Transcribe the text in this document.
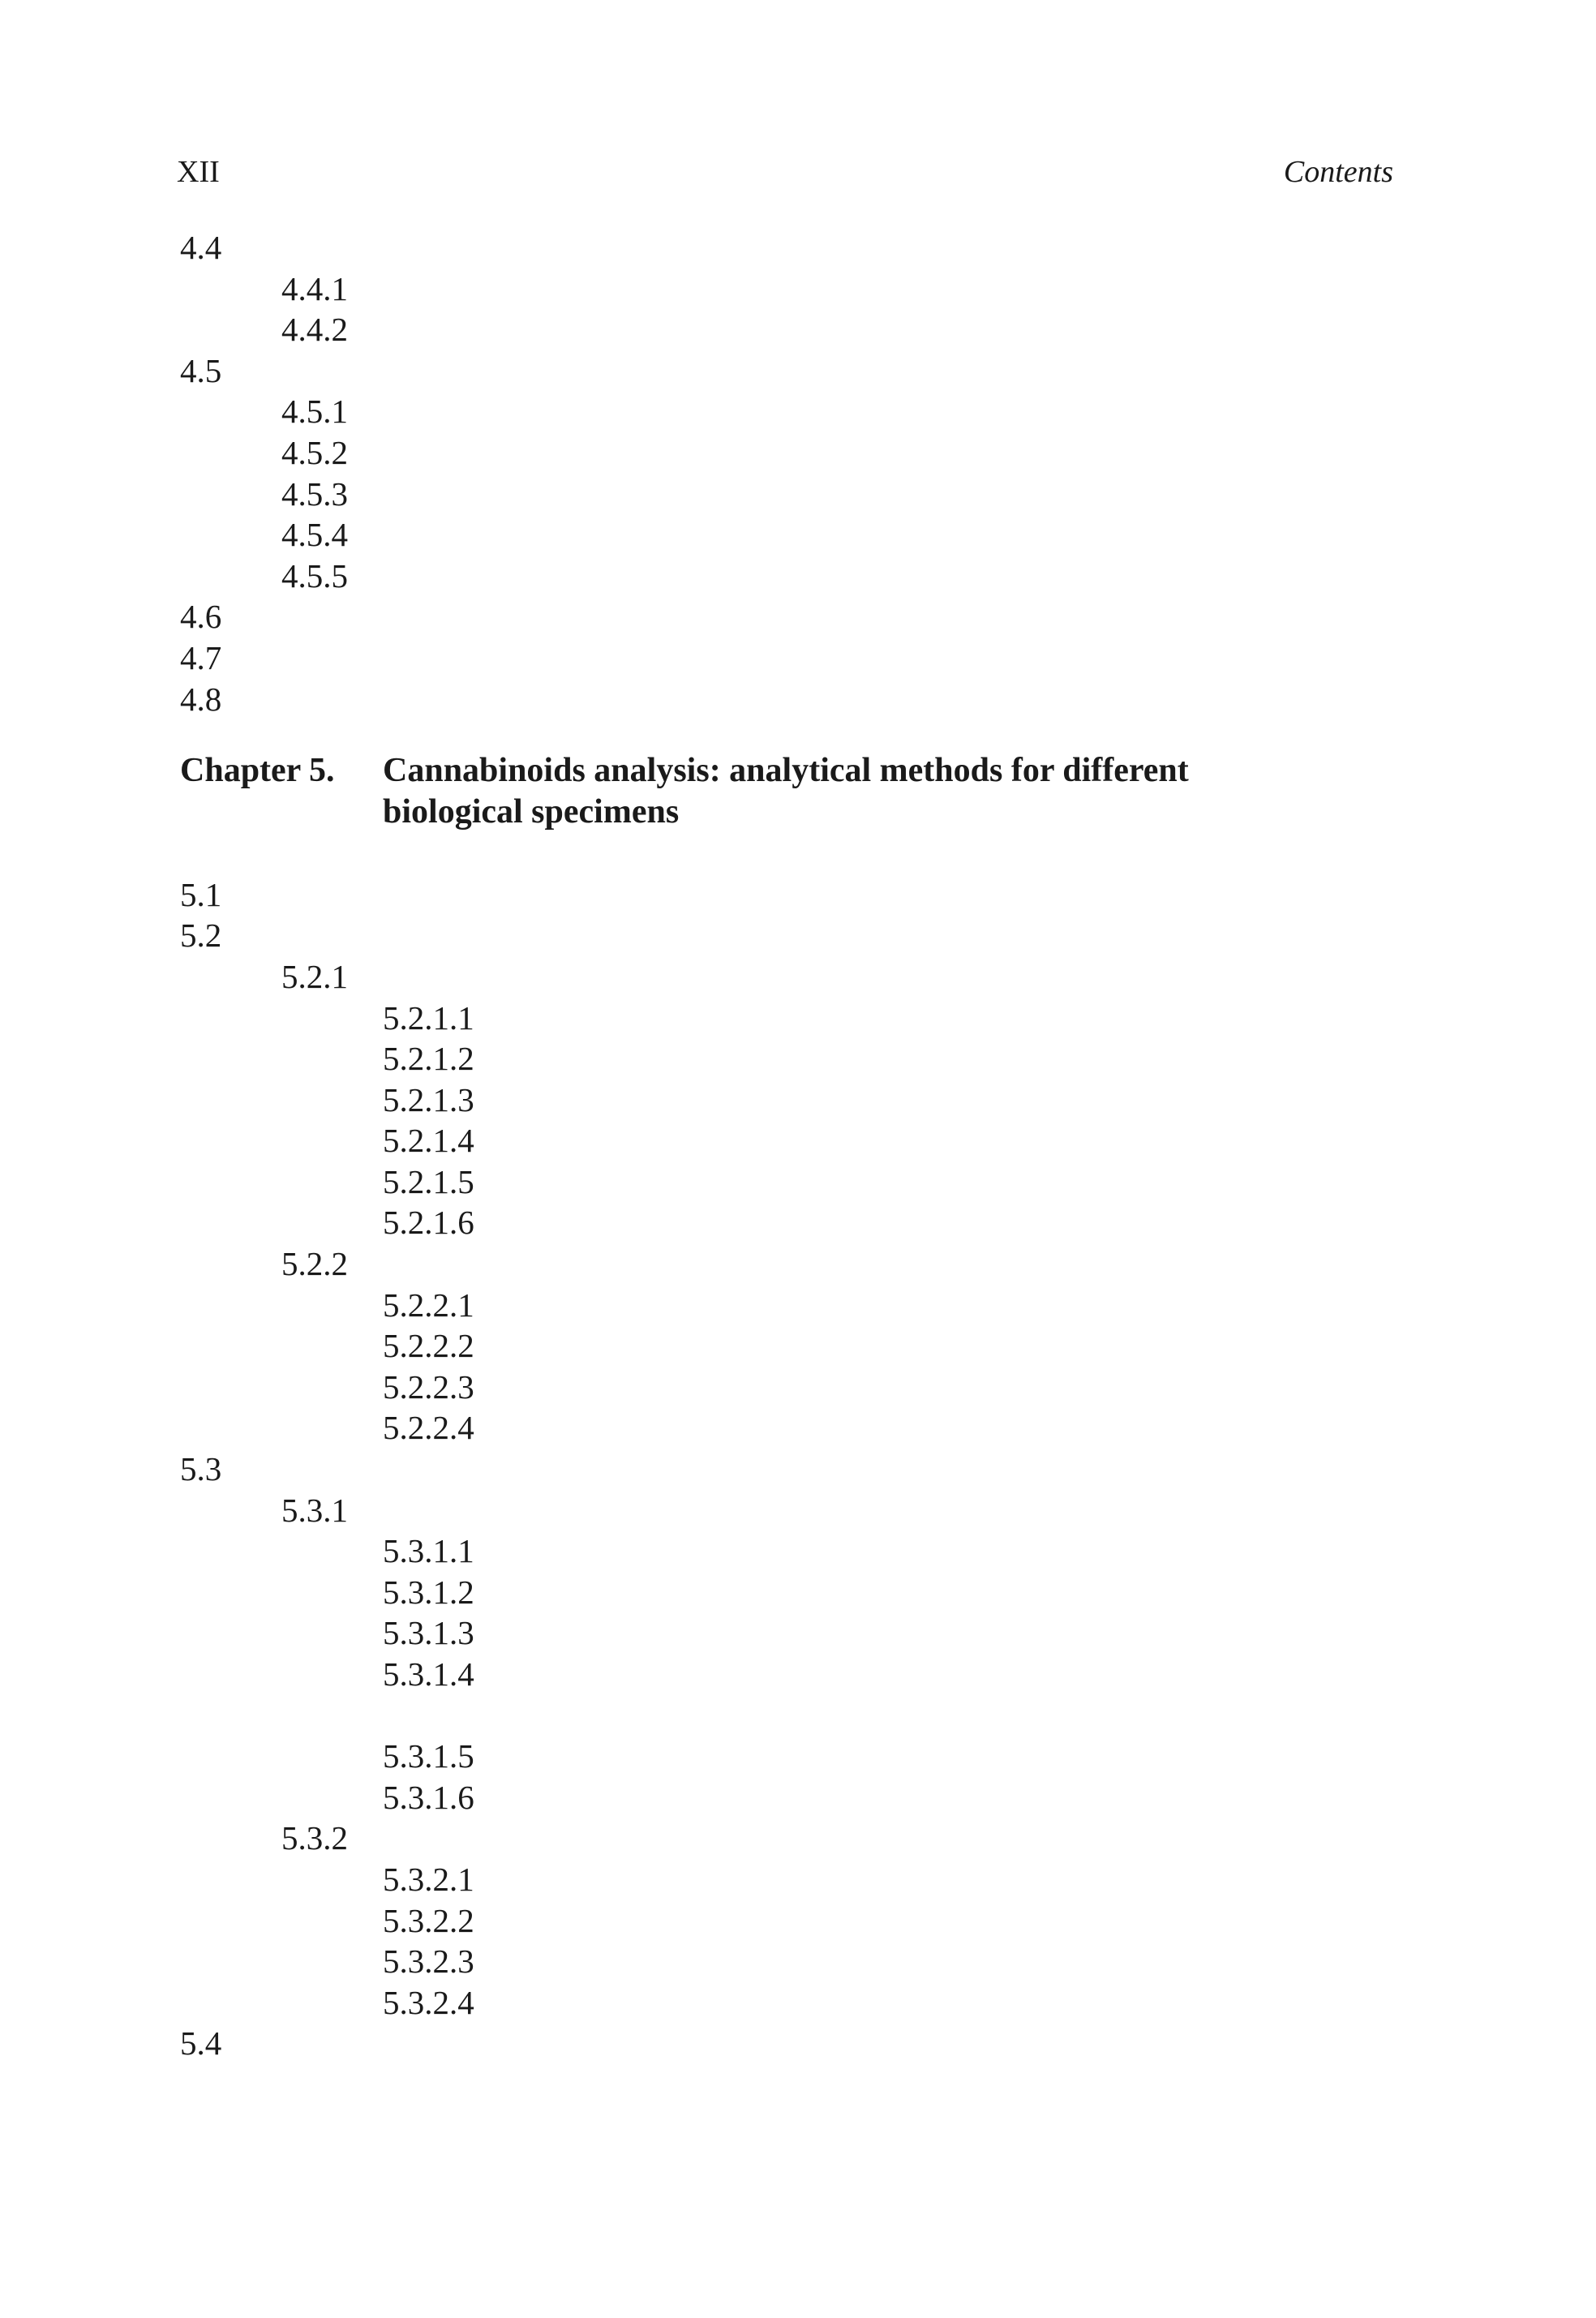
XII	Contents
4.4
4.4.1
4.4.2
4.5
4.5.1
4.5.2
4.5.3
4.5.4
4.5.5
4.6
4.7
4.8
Chapter 5. Cannabinoids analysis: analytical methods for different
biological specimens
5.1
5.2
5.2.1
5.2.1.1
5.2.1.2
5.2.1.3
5.2.1.4
5.2.1.5
5.2.1.6
5.2.2
5.2.2.1
5.2.2.2
5.2.2.3
5.2.2.4
5.3
5.3.1
5.3.1.1
5.3.1.2
5.3.1.3
5.3.1.4
5.3.1.5
5.3.1.6
5.3.2
5.3.2.1
5.3.2.2
5.3.2.3
5.3.2.4
5.4
